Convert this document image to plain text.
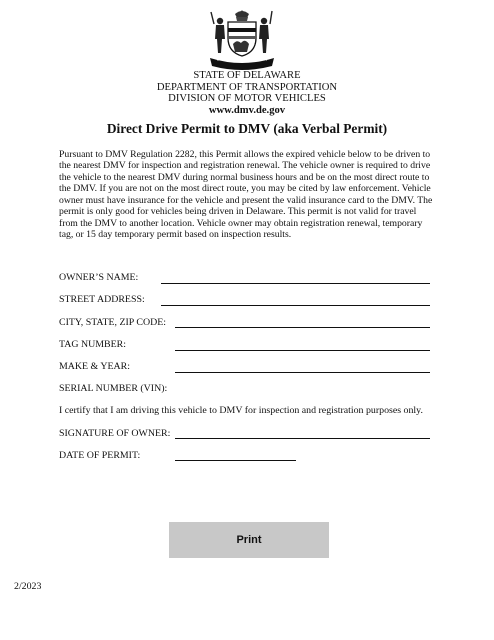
STATE OF DELAWARE
DEPARTMENT OF TRANSPORTATION
DIVISION OF MOTOR VEHICLES
www.dmv.de.gov
Direct Drive Permit to DMV (aka Verbal Permit)

Pursuant to DMV Regulation 2282, this Permit allows the expired vehicle below to be driven to the nearest DMV for inspection and registration renewal. The vehicle owner is required to drive the vehicle to the nearest DMV during normal business hours and be on the most direct route to the DMV. If you are not on the most direct route, you may be cited by law enforcement. Vehicle owner must have insurance for the vehicle and present the valid insurance card to the DMV. The permit is only good for vehicles being driven in Delaware. This permit is not valid for travel from the DMV to another location. Vehicle owner may obtain registration renewal, temporary tag, or 15 day temporary permit based on inspection results.

OWNER’S NAME:
STREET ADDRESS:
CITY, STATE, ZIP CODE:
TAG NUMBER:
MAKE & YEAR:
SERIAL NUMBER (VIN):
I certify that I am driving this vehicle to DMV for inspection and registration purposes only.
SIGNATURE OF OWNER:
DATE OF PERMIT:
Print
2/2023
